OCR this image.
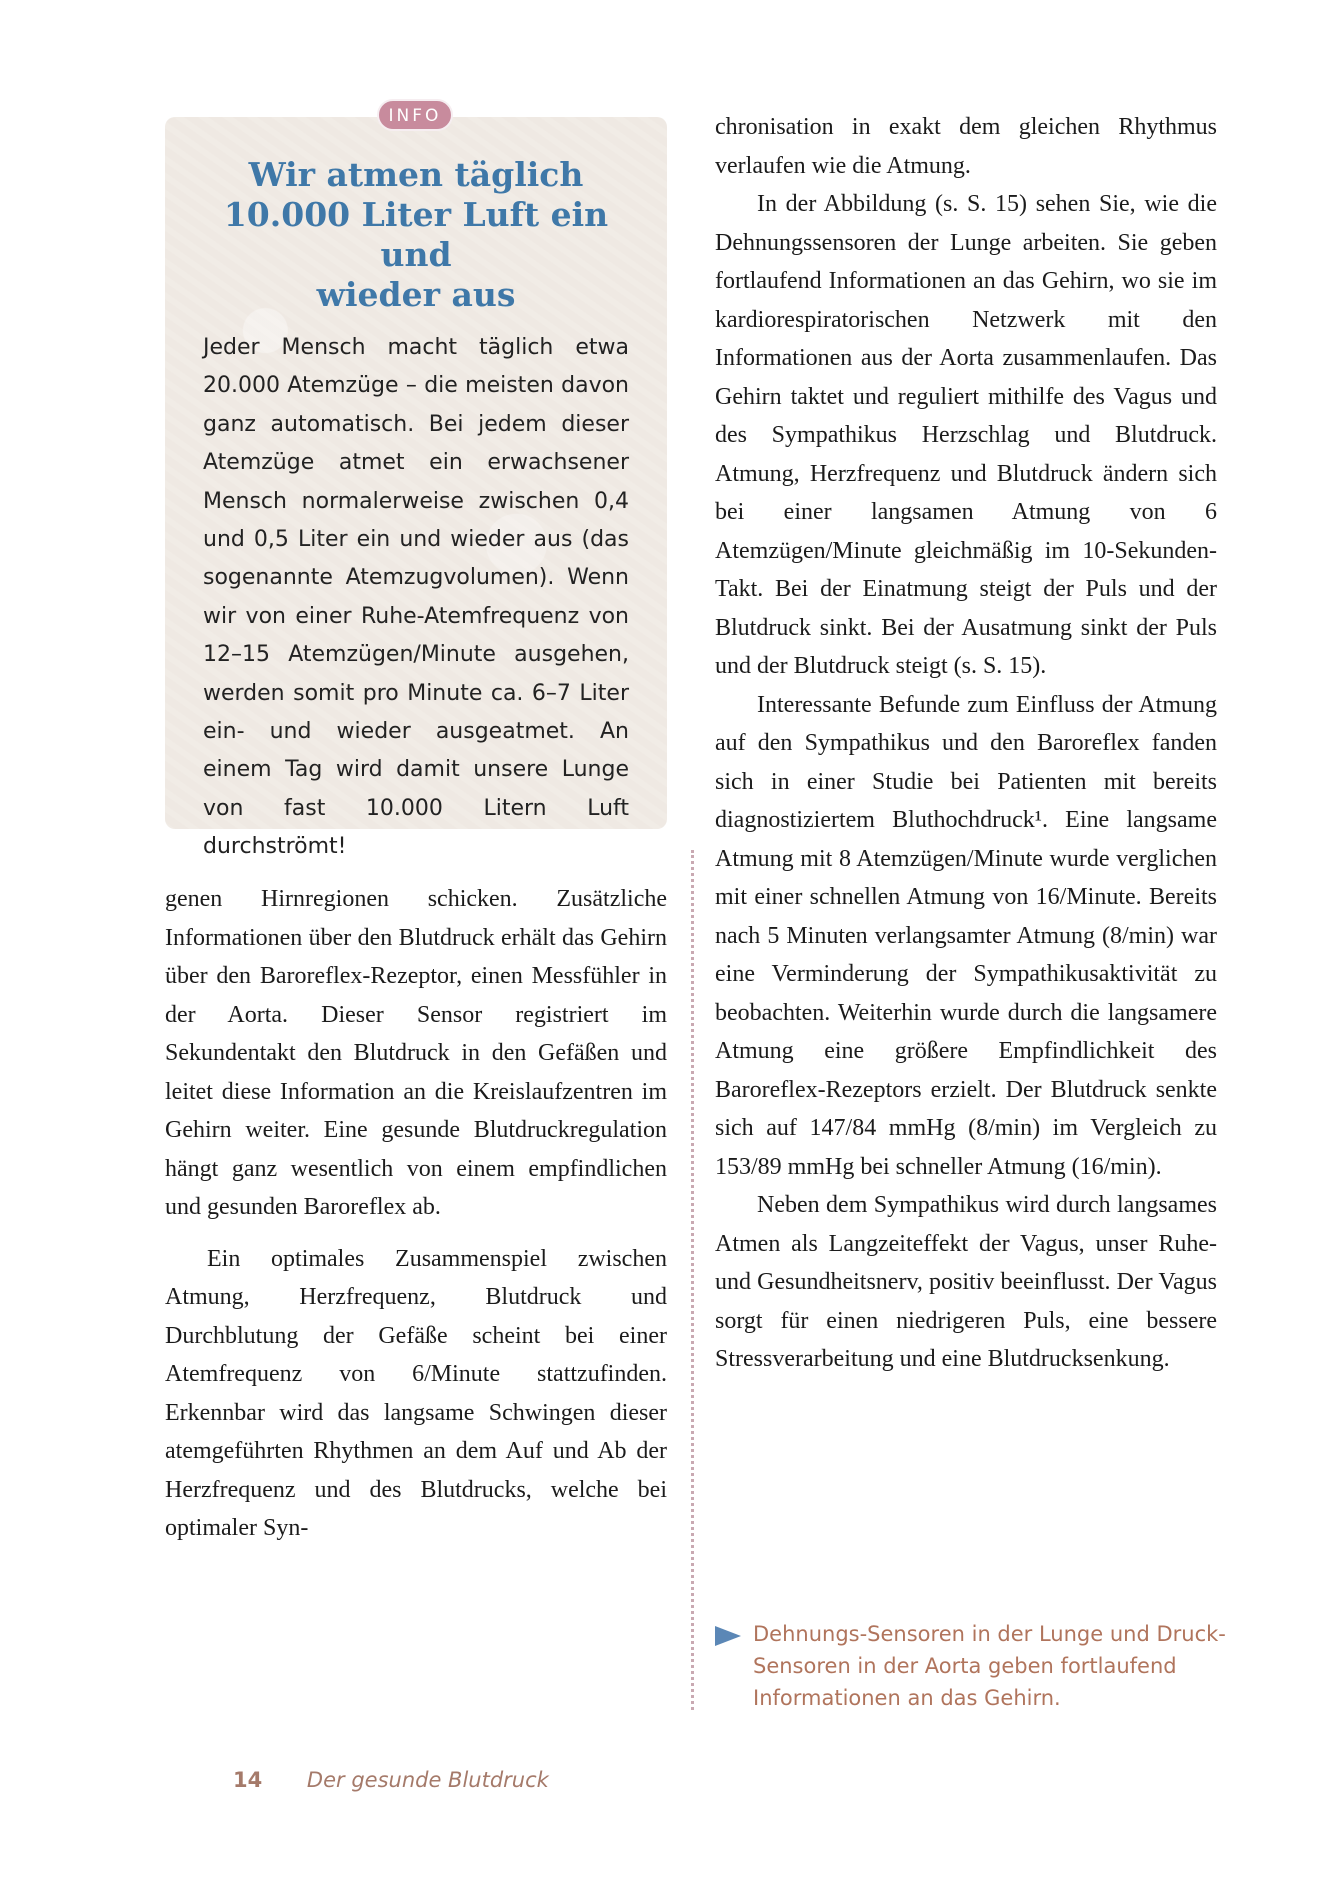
Wir atmen täglich
10.000 Liter Luft ein und
wieder aus

Jeder Mensch macht täglich etwa 20.000 Atemzüge – die meisten davon ganz automatisch. Bei jedem dieser Atemzüge atmet ein erwachsener Mensch normalerweise zwischen 0,4 und 0,5 Liter ein und wieder aus (das sogenannte Atemzugvolumen). Wenn wir von einer Ruhe-Atemfrequenz von 12–15 Atemzügen/Minute ausgehen, werden somit pro Minute ca. 6–7 Liter ein- und wieder ausgeatmet. An einem Tag wird damit unsere Lunge von fast 10.000 Litern Luft durchströmt!

INFO

genen Hirnregionen schicken. Zusätzliche Informationen über den Blutdruck erhält das Gehirn über den Baroreflex-Rezeptor, einen Messfühler in der Aorta. Dieser Sensor registriert im Sekundentakt den Blutdruck in den Gefäßen und leitet diese Information an die Kreislaufzentren im Gehirn weiter. Eine gesunde Blutdruckregulation hängt ganz wesentlich von einem empfindlichen und gesunden Baroreflex ab.

Ein optimales Zusammenspiel zwischen Atmung, Herzfrequenz, Blutdruck und Durchblutung der Gefäße scheint bei einer Atemfrequenz von 6/Minute stattzufinden. Erkennbar wird das langsame Schwingen dieser atemgeführten Rhythmen an dem Auf und Ab der Herzfrequenz und des Blutdrucks, welche bei optimaler Syn-

chronisation in exakt dem gleichen Rhythmus verlaufen wie die Atmung.

In der Abbildung (s. S. 15) sehen Sie, wie die Dehnungssensoren der Lunge arbeiten. Sie geben fortlaufend Informationen an das Gehirn, wo sie im kardiorespiratorischen Netzwerk mit den Informationen aus der Aorta zusammenlaufen. Das Gehirn taktet und reguliert mithilfe des Vagus und des Sympathikus Herzschlag und Blutdruck. Atmung, Herzfrequenz und Blutdruck ändern sich bei einer langsamen Atmung von 6 Atemzügen/Minute gleichmäßig im 10-Sekunden-Takt. Bei der Einatmung steigt der Puls und der Blutdruck sinkt. Bei der Ausatmung sinkt der Puls und der Blutdruck steigt (s. S. 15).

Interessante Befunde zum Einfluss der Atmung auf den Sympathikus und den Baroreflex fanden sich in einer Studie bei Patienten mit bereits diagnostiziertem Bluthochdruck¹. Eine langsame Atmung mit 8 Atemzügen/Minute wurde verglichen mit einer schnellen Atmung von 16/Minute. Bereits nach 5 Minuten verlangsamter Atmung (8/min) war eine Verminderung der Sympathikusaktivität zu beobachten. Weiterhin wurde durch die langsamere Atmung eine größere Empfindlichkeit des Baroreflex-Rezeptors erzielt. Der Blutdruck senkte sich auf 147/84 mmHg (8/min) im Vergleich zu 153/89 mmHg bei schneller Atmung (16/min).

Neben dem Sympathikus wird durch langsames Atmen als Langzeiteffekt der Vagus, unser Ruhe- und Gesundheitsnerv, positiv beeinflusst. Der Vagus sorgt für einen niedrigeren Puls, eine bessere Stressverarbeitung und eine Blutdrucksenkung.

Dehnungs-Sensoren in der Lunge und Druck-Sensoren in der Aorta geben fortlaufend Informationen an das Gehirn.
14 Der gesunde Blutdruck
